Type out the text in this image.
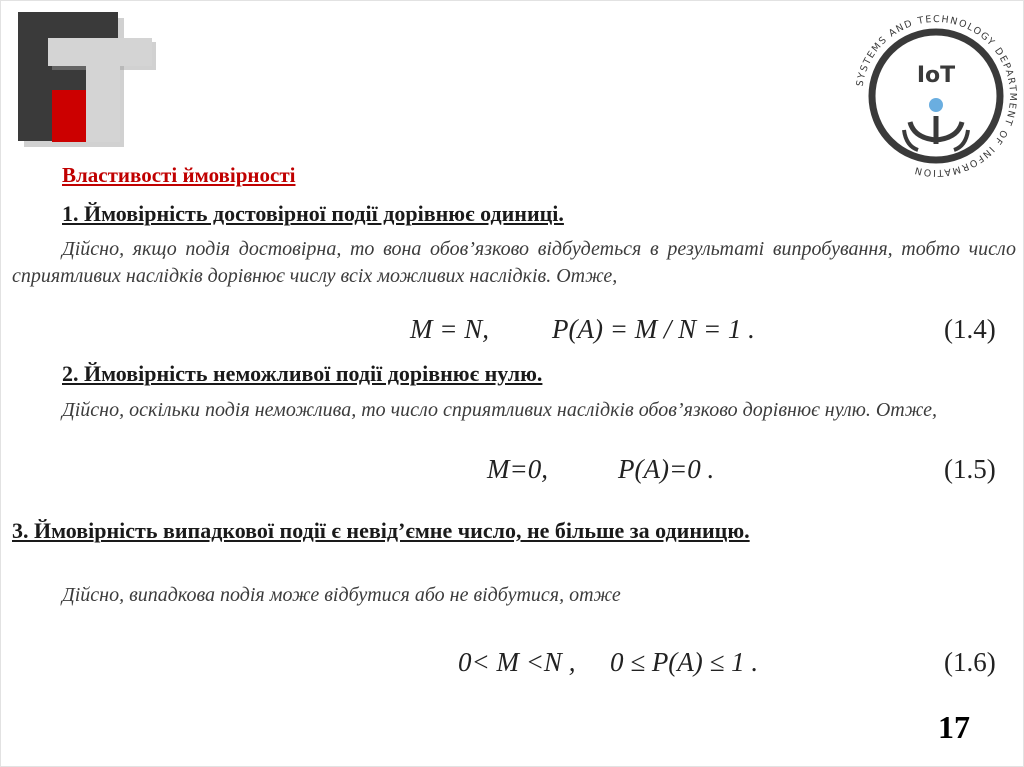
SYSTEMS AND TECHNOLOGY DEPARTMENT OF INFORMATION
IoT

Властивості ймовірності

1. Ймовірність достовірної події дорівнює одиниці.

Дійсно, якщо подія достовірна, то вона обов’язково відбудеться в результаті випробування, тобто число сприятливих наслідків дорівнює числу всіх можливих наслідків. Отже,

M = N, P(A) = M / N = 1 .	(1.4)

2. Ймовірність неможливої події дорівнює нулю.

Дійсно, оскільки подія неможлива, то число сприятливих наслідків обов’язково дорівнює нулю. Отже,

M=0,	P(A)=0 .	(1.5)

3. Ймовірність випадкової події є невід’ємне число, не більше за одиницю.

Дійсно, випадкова подія може відбутися або не відбутися, отже

0< M <N , 0 ≤ P(A) ≤ 1 .	(1.6)
17
